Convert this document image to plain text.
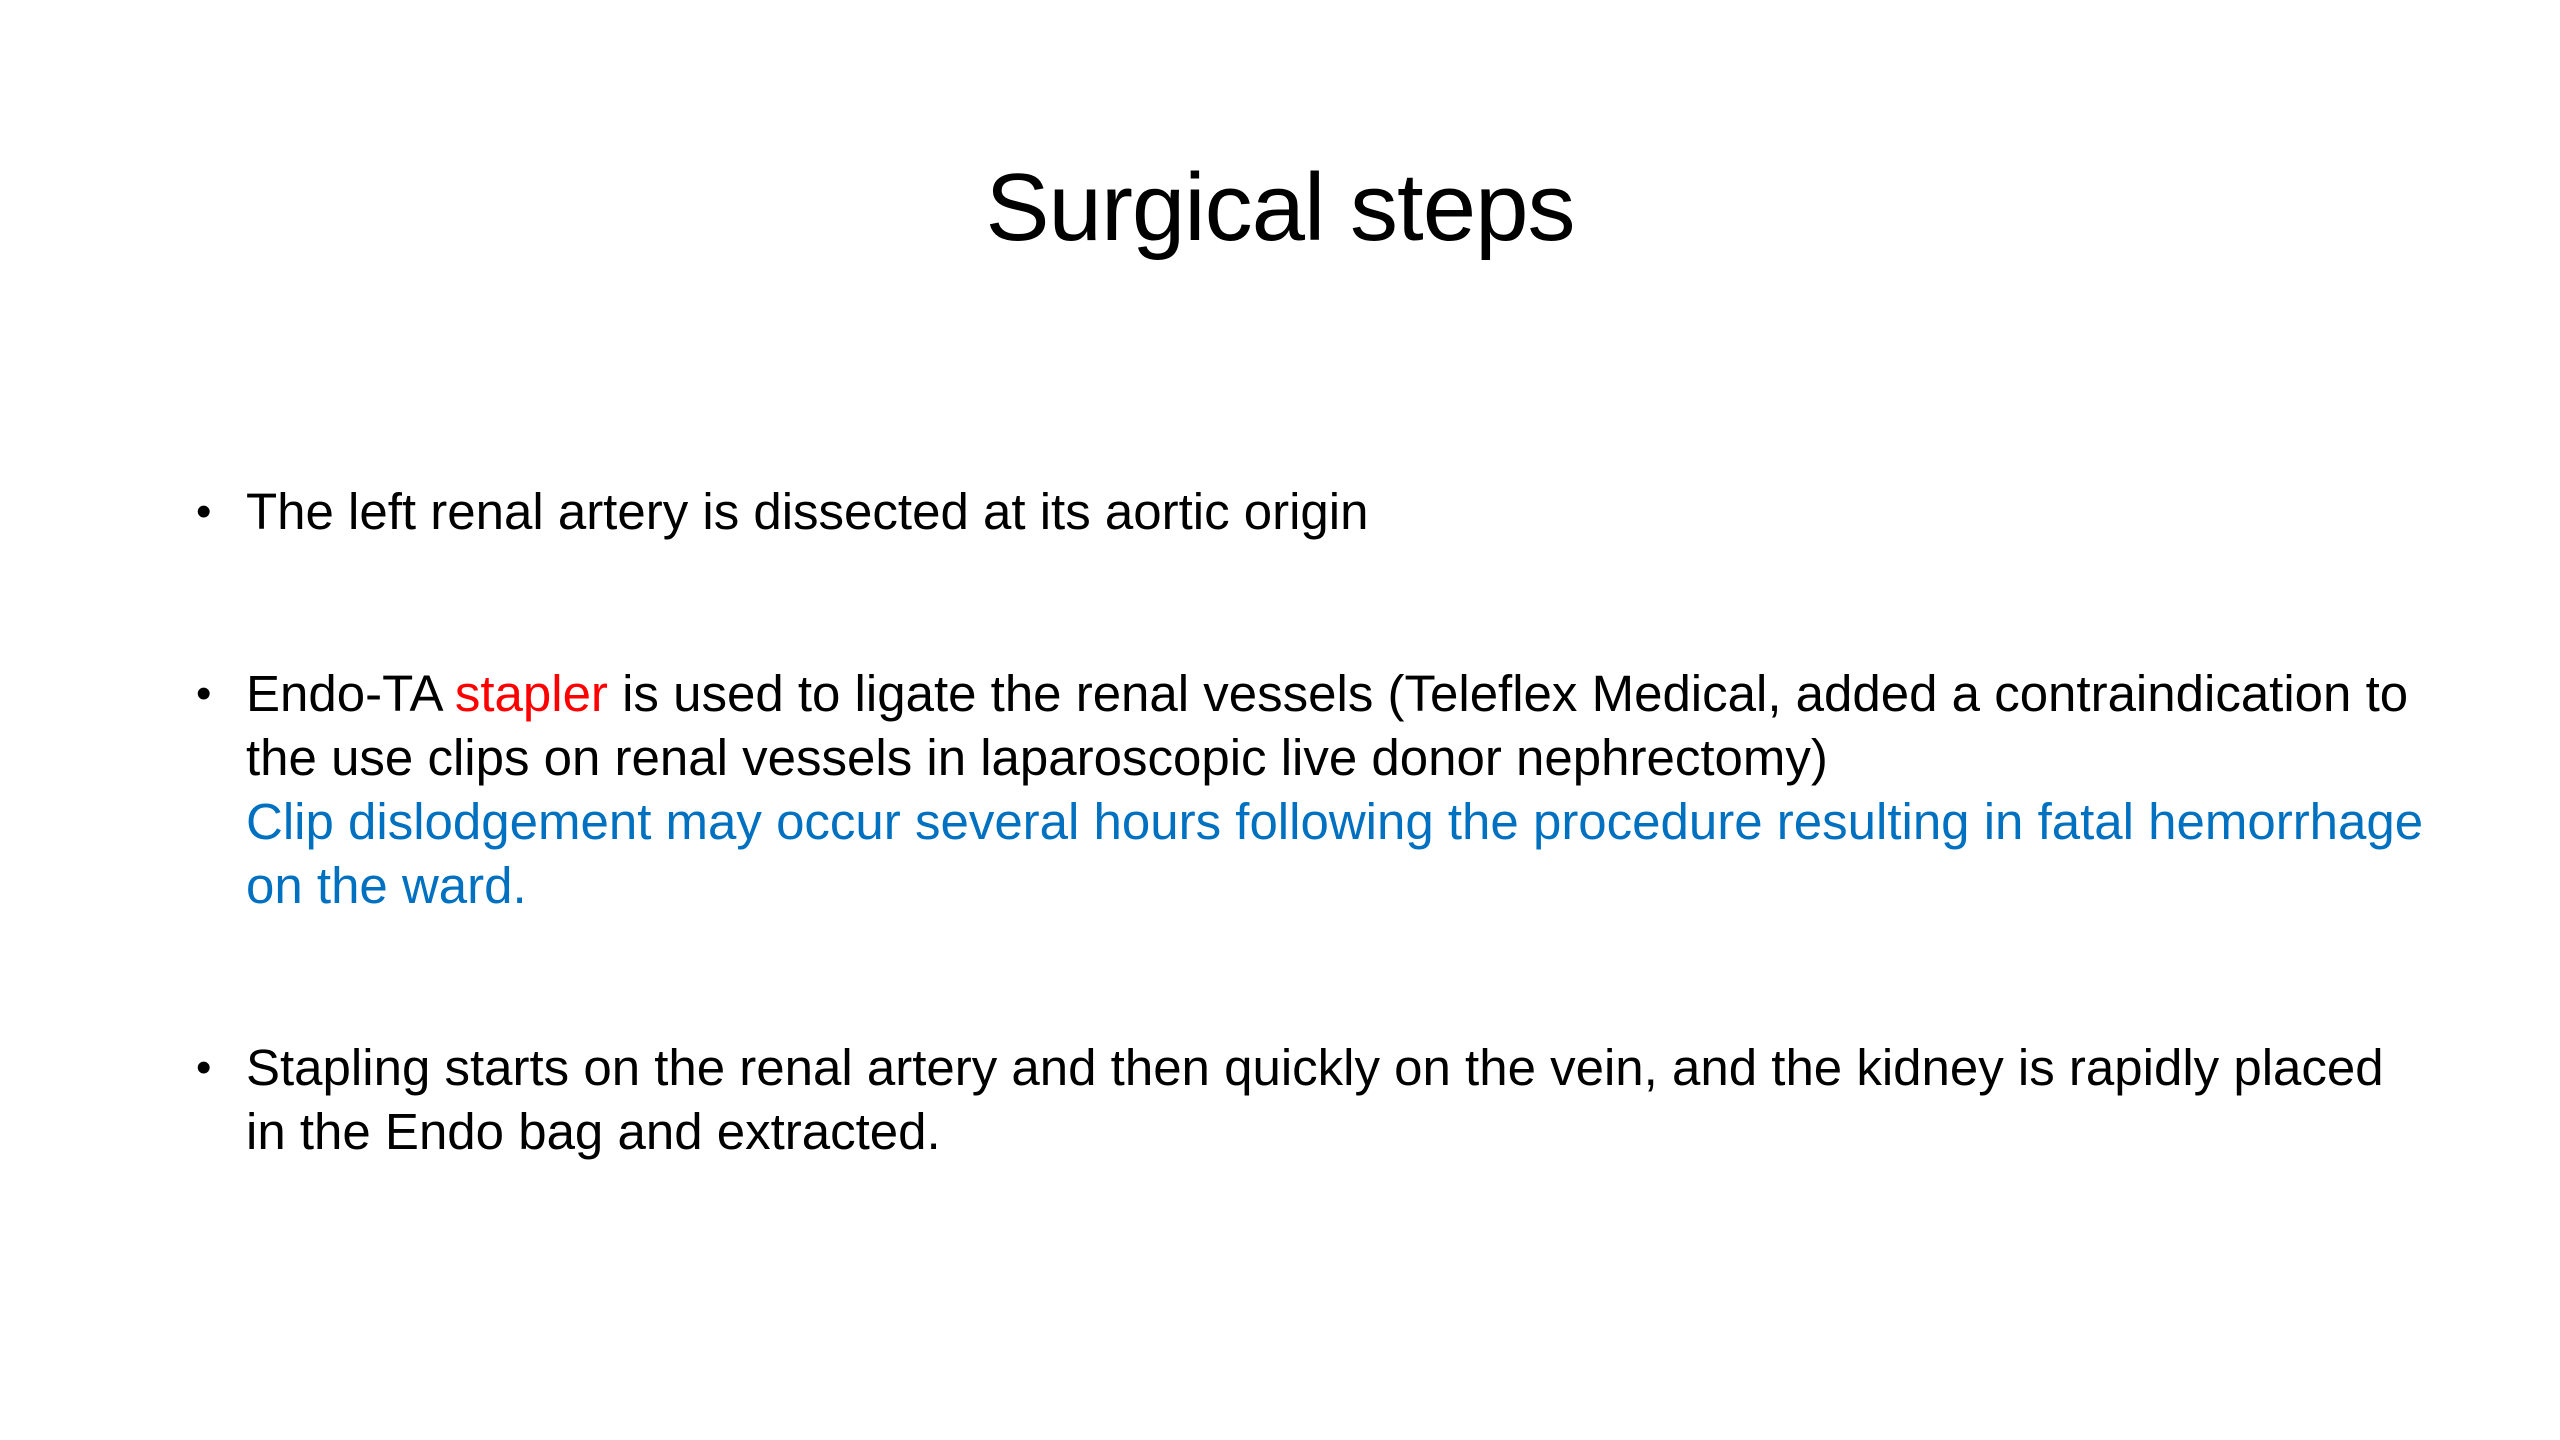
Surgical steps
• The left renal artery is dissected at its aortic origin
• Endo-TA stapler is used to ligate the renal vessels (Teleflex Medical, added a contraindication to the use clips on renal vessels in laparoscopic live donor nephrectomy)
Clip dislodgement may occur several hours following the procedure resulting in fatal hemorrhage on the ward.
• Stapling starts on the renal artery and then quickly on the vein, and the kidney is rapidly placed in the Endo bag and extracted.
